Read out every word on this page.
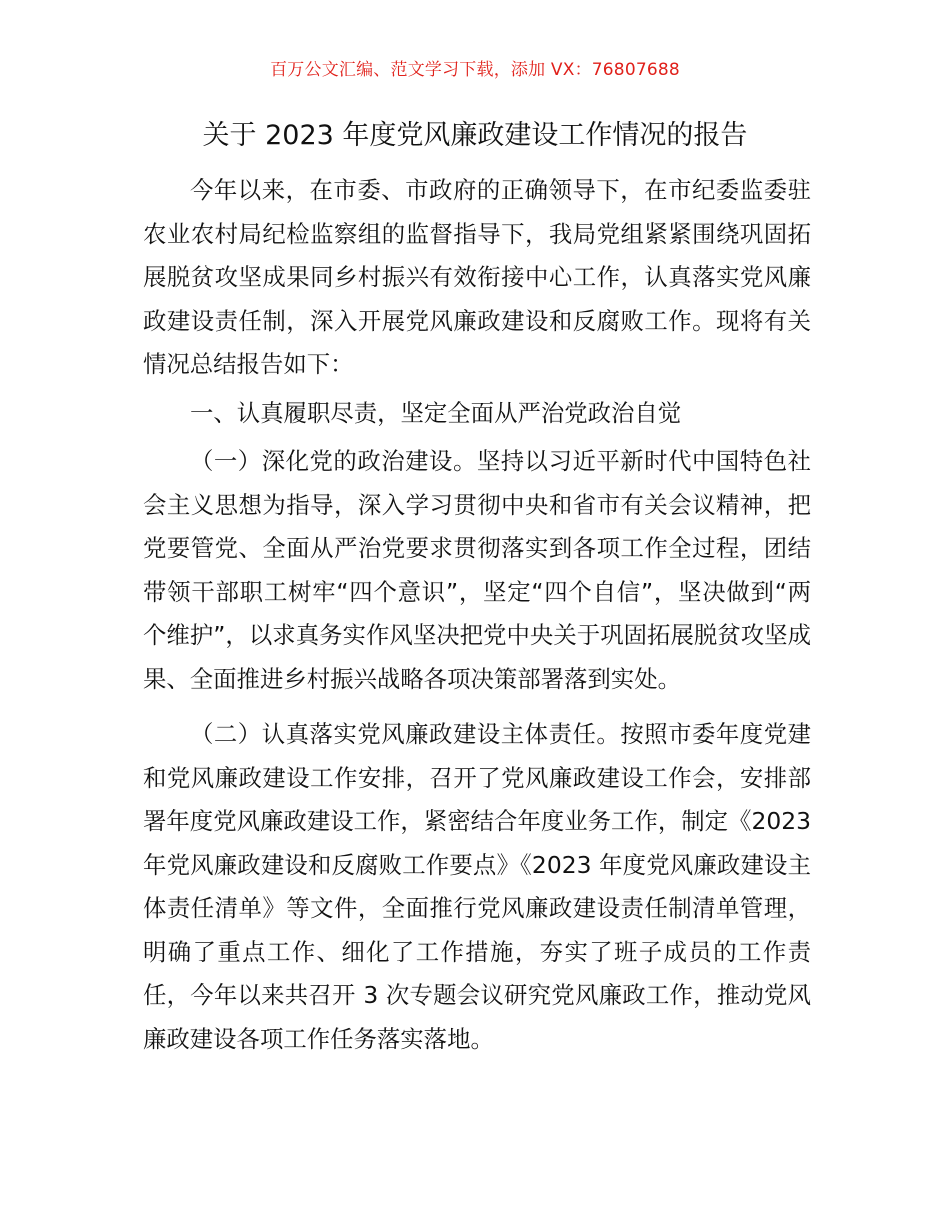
百万公文汇编、范文学习下载，添加 VX：76807688
关于 2023 年度党风廉政建设工作情况的报告

今年以来，在市委、市政府的正确领导下，在市纪委监委驻农业农村局纪检监察组的监督指导下，我局党组紧紧围绕巩固拓展脱贫攻坚成果同乡村振兴有效衔接中心工作，认真落实党风廉政建设责任制，深入开展党风廉政建设和反腐败工作。现将有关情况总结报告如下：

一、认真履职尽责，坚定全面从严治党政治自觉

（一）深化党的政治建设。坚持以习近平新时代中国特色社会主义思想为指导，深入学习贯彻中央和省市有关会议精神，把党要管党、全面从严治党要求贯彻落实到各项工作全过程，团结带领干部职工树牢“四个意识”，坚定“四个自信”，坚决做到“两个维护”，以求真务实作风坚决把党中央关于巩固拓展脱贫攻坚成果、全面推进乡村振兴战略各项决策部署落到实处。

（二）认真落实党风廉政建设主体责任。按照市委年度党建和党风廉政建设工作安排，召开了党风廉政建设工作会，安排部署年度党风廉政建设工作，紧密结合年度业务工作，制定《2023 年党风廉政建设和反腐败工作要点》《2023 年度党风廉政建设主体责任清单》等文件，全面推行党风廉政建设责任制清单管理，明确了重点工作、细化了工作措施，夯实了班子成员的工作责任，今年以来共召开 3 次专题会议研究党风廉政工作，推动党风廉政建设各项工作任务落实落地。
